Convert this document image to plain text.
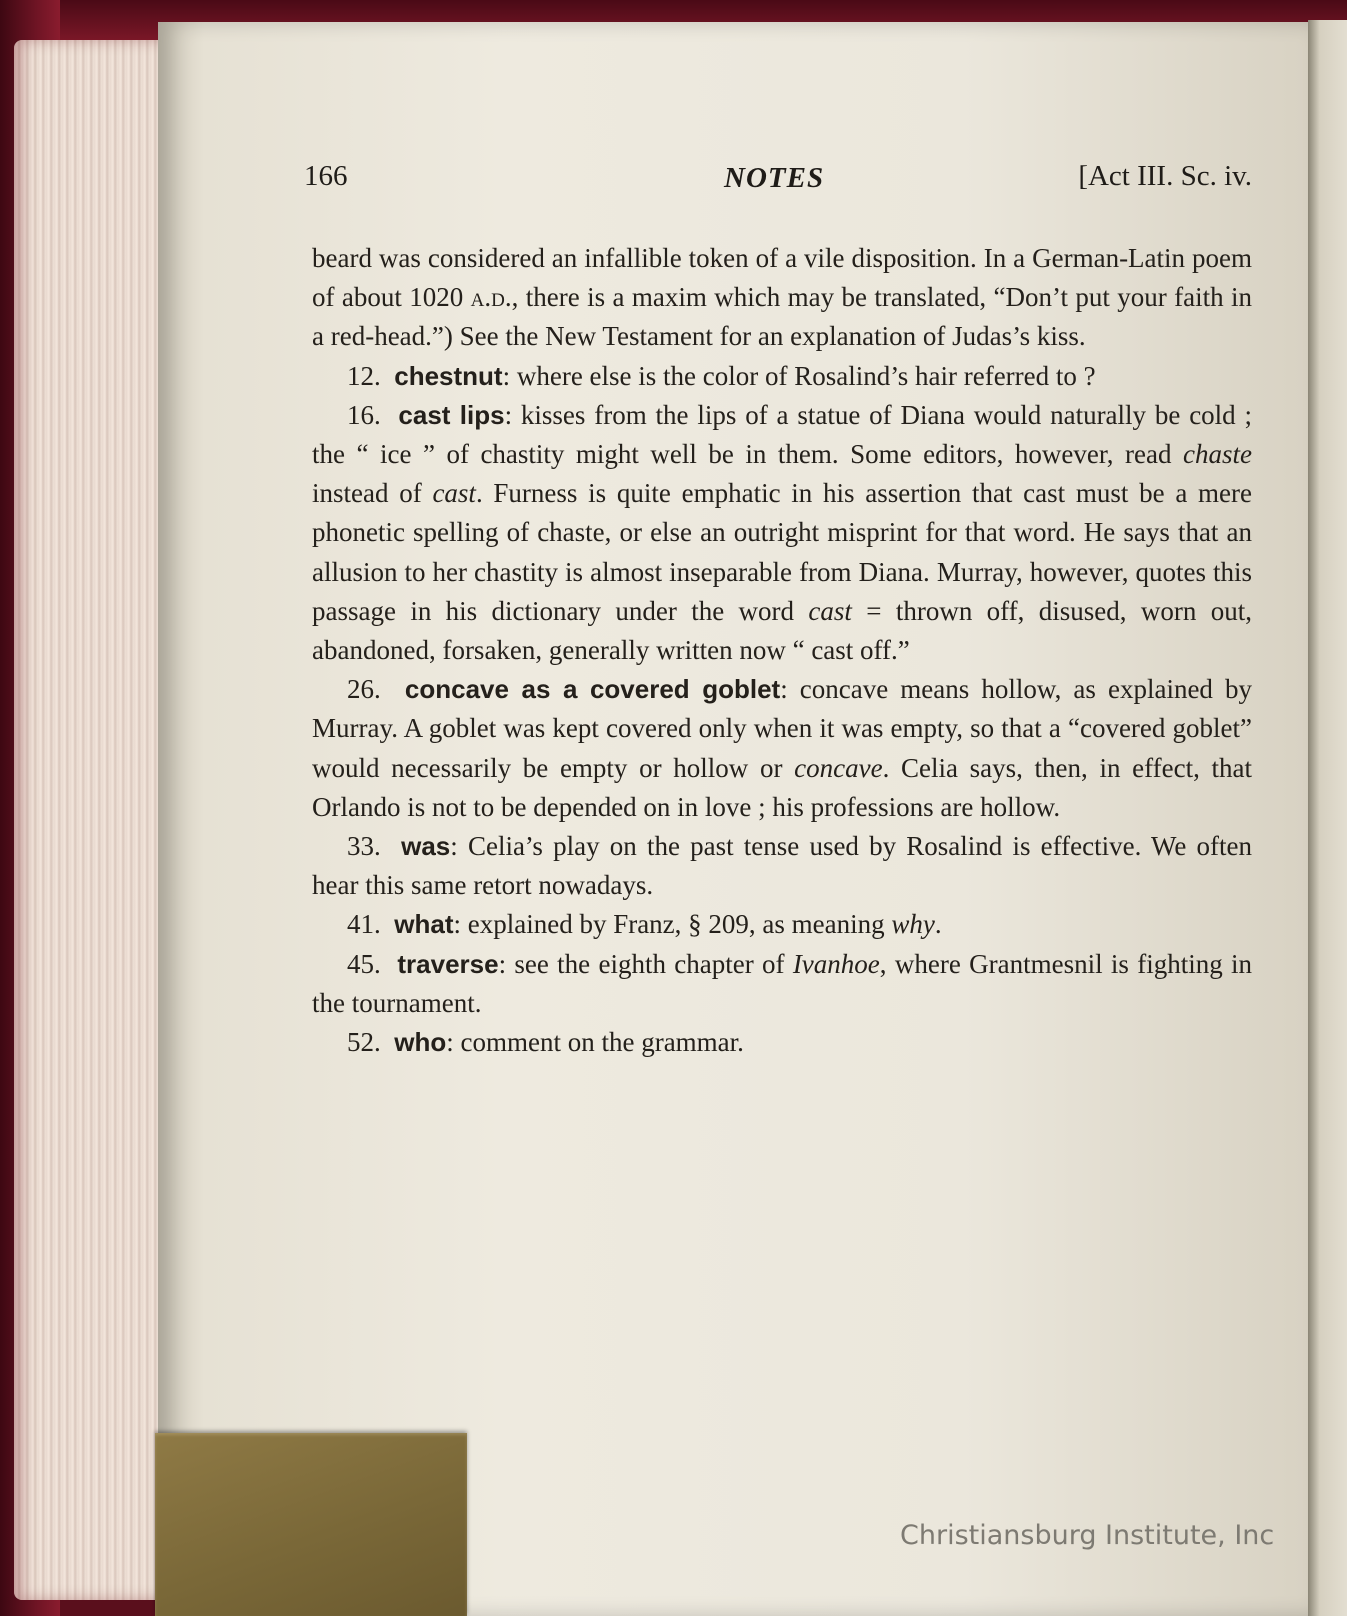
166	NOTES	[Act III. Sc. iv.

beard was considered an infallible token of a vile disposition. In a German-Latin poem of about 1020 a.d., there is a maxim which may be translated, “Don’t put your faith in a red-head.”) See the New Testament for an explanation of Judas’s kiss.

12. chestnut: where else is the color of Rosalind’s hair referred to ?

16. cast lips: kisses from the lips of a statue of Diana would naturally be cold ; the “ ice ” of chastity might well be in them. Some editors, however, read chaste instead of cast. Furness is quite emphatic in his assertion that cast must be a mere phonetic spelling of chaste, or else an outright misprint for that word. He says that an allusion to her chastity is almost inseparable from Diana. Murray, however, quotes this passage in his dictionary under the word cast = thrown off, disused, worn out, abandoned, forsaken, generally written now “ cast off.”

26. concave as a covered goblet: concave means hollow, as explained by Murray. A goblet was kept covered only when it was empty, so that a “covered goblet” would necessarily be empty or hollow or concave. Celia says, then, in effect, that Orlando is not to be depended on in love ; his professions are hollow.

33. was: Celia’s play on the past tense used by Rosalind is effective. We often hear this same retort nowadays.

41. what: explained by Franz, § 209, as meaning why.

45. traverse: see the eighth chapter of Ivanhoe, where Grantmesnil is fighting in the tournament.

52. who: comment on the grammar.

Christiansburg Institute, Inc
